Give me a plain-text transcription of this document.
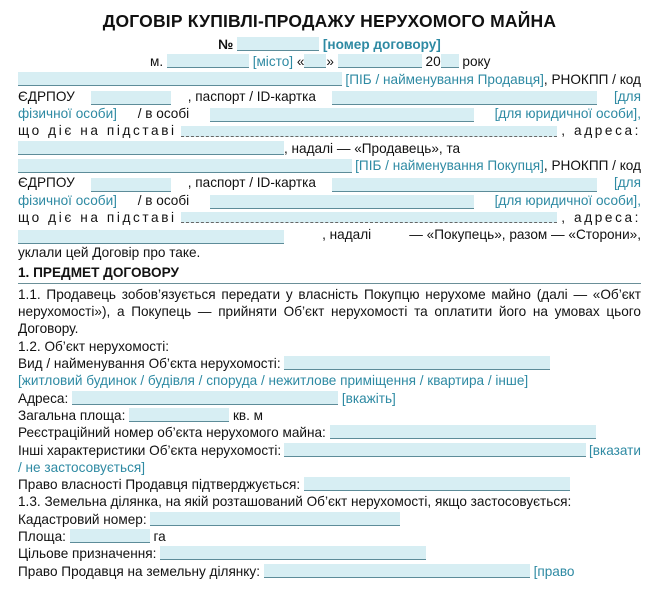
ДОГОВІР КУПІВЛІ-ПРОДАЖУ НЕРУХОМОГО МАЙНА
№	[номер договору]
м.	[місто] « »	20 року
[ПІБ / найменування Продавця] , РНОКПП / код
ЄДРПОУ	, паспорт / ID-картка	[для
фізичної особи] / в особі	[для юридичної особи],
що діє на підставі	, адреса:
, надалі — «Продавець», та
[ПІБ / найменування Покупця] , РНОКПП / код
ЄДРПОУ	, паспорт / ID-картка	[для
фізичної особи] / в особі	[для юридичної особи],
що діє на підставі	, адреса:
, надалі	— «Покупець», разом — «Сторони»,
уклали цей Договір про таке.
1. ПРЕДМЕТ ДОГОВОРУ
1.1. Продавець зобов’язується передати у власність Покупцю нерухоме майно (далі — «Об’єкт нерухомості»), а Покупець — прийняти Об’єкт нерухомості та оплатити його на умовах цього Договору.
1.2. Об’єкт нерухомості:
Вид / найменування Об’єкта нерухомості:
[житловий будинок / будівля / споруда / нежитлове приміщення / квартира / інше]
Адреса:	[вкажіть]
Загальна площа:	кв. м
Реєстраційний номер об’єкта нерухомого майна:
Інші характеристики Об’єкта нерухомості:	[вказати
/ не застосовується]
Право власності Продавця підтверджується:
1.3. Земельна ділянка, на якій розташований Об’єкт нерухомості, якщо застосовується:
Кадастровий номер:
Площа:	га
Цільове призначення:
Право Продавця на земельну ділянку:	[право
